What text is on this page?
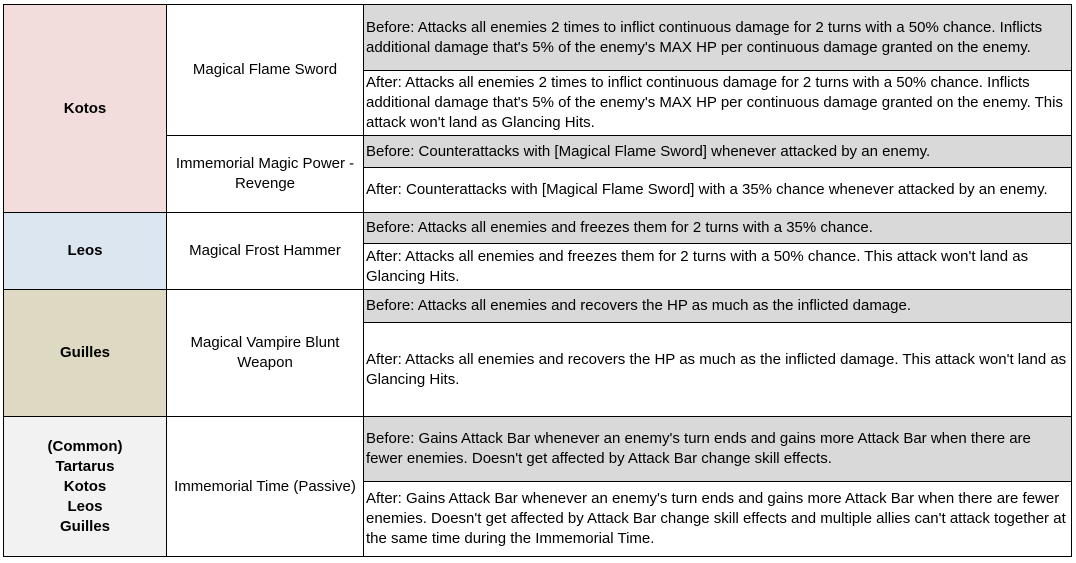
Kotos	Magical Flame Sword	Before: Attacks all enemies 2 times to inflict continuous damage for 2 turns with a 50% chance. Inflicts additional damage that's 5% of the enemy's MAX HP per continuous damage granted on the enemy.
		After: Attacks all enemies 2 times to inflict continuous damage for 2 turns with a 50% chance. Inflicts additional damage that's 5% of the enemy's MAX HP per continuous damage granted on the enemy. This attack won't land as Glancing Hits.
	Immemorial Magic Power - Revenge	Before: Counterattacks with [Magical Flame Sword] whenever attacked by an enemy.
		After: Counterattacks with [Magical Flame Sword] with a 35% chance whenever attacked by an enemy.
Leos	Magical Frost Hammer	Before: Attacks all enemies and freezes them for 2 turns with a 35% chance.
		After: Attacks all enemies and freezes them for 2 turns with a 50% chance. This attack won't land as Glancing Hits.
Guilles	Magical Vampire Blunt Weapon	Before: Attacks all enemies and recovers the HP as much as the inflicted damage.
		After: Attacks all enemies and recovers the HP as much as the inflicted damage. This attack won't land as Glancing Hits.

(Common)
Tartarus
Kotos
Leos
Guilles	Immemorial Time (Passive)	Before: Gains Attack Bar whenever an enemy's turn ends and gains more Attack Bar when there are fewer enemies. Doesn't get affected by Attack Bar change skill effects.
		After: Gains Attack Bar whenever an enemy's turn ends and gains more Attack Bar when there are fewer enemies. Doesn't get affected by Attack Bar change skill effects and multiple allies can't attack together at the same time during the Immemorial Time.
